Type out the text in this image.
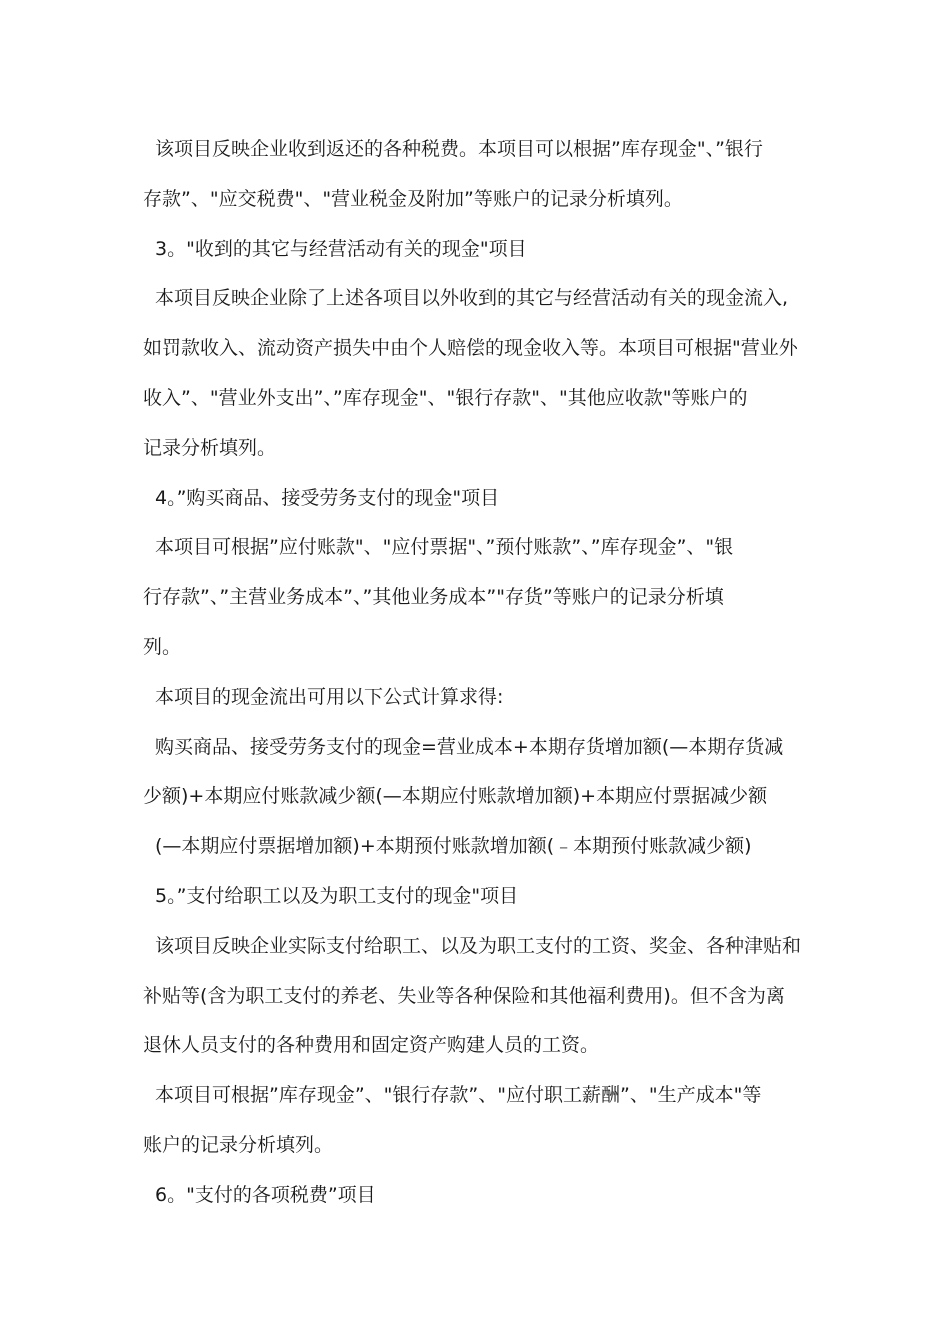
该项目反映企业收到返还的各种税费。本项目可以根据”库存现金"、”银行
存款”、"应交税费"、"营业税金及附加”等账户的记录分析填列。
3。"收到的其它与经营活动有关的现金"项目
本项目反映企业除了上述各项目以外收到的其它与经营活动有关的现金流入,
如罚款收入、流动资产损失中由个人赔偿的现金收入等。本项目可根据"营业外
收入”、"营业外支出”、”库存现金"、"银行存款"、"其他应收款"等账户的
记录分析填列。
4。”购买商品、接受劳务支付的现金"项目
本项目可根据”应付账款"、"应付票据"、”预付账款”、”库存现金”、"银
行存款”、”主营业务成本”、”其他业务成本”"存货”等账户的记录分析填
列。
本项目的现金流出可用以下公式计算求得:
购买商品、接受劳务支付的现金=营业成本+本期存货增加额(—本期存货减
少额)+本期应付账款减少额(—本期应付账款增加额)+本期应付票据减少额
(—本期应付票据增加额)+本期预付账款增加额(﹣本期预付账款减少额)
5。”支付给职工以及为职工支付的现金"项目
该项目反映企业实际支付给职工、以及为职工支付的工资、奖金、各种津贴和
补贴等(含为职工支付的养老、失业等各种保险和其他福利费用)。但不含为离
退休人员支付的各种费用和固定资产购建人员的工资。
本项目可根据”库存现金”、"银行存款”、"应付职工薪酬”、"生产成本"等
账户的记录分析填列。
6。"支付的各项税费”项目
